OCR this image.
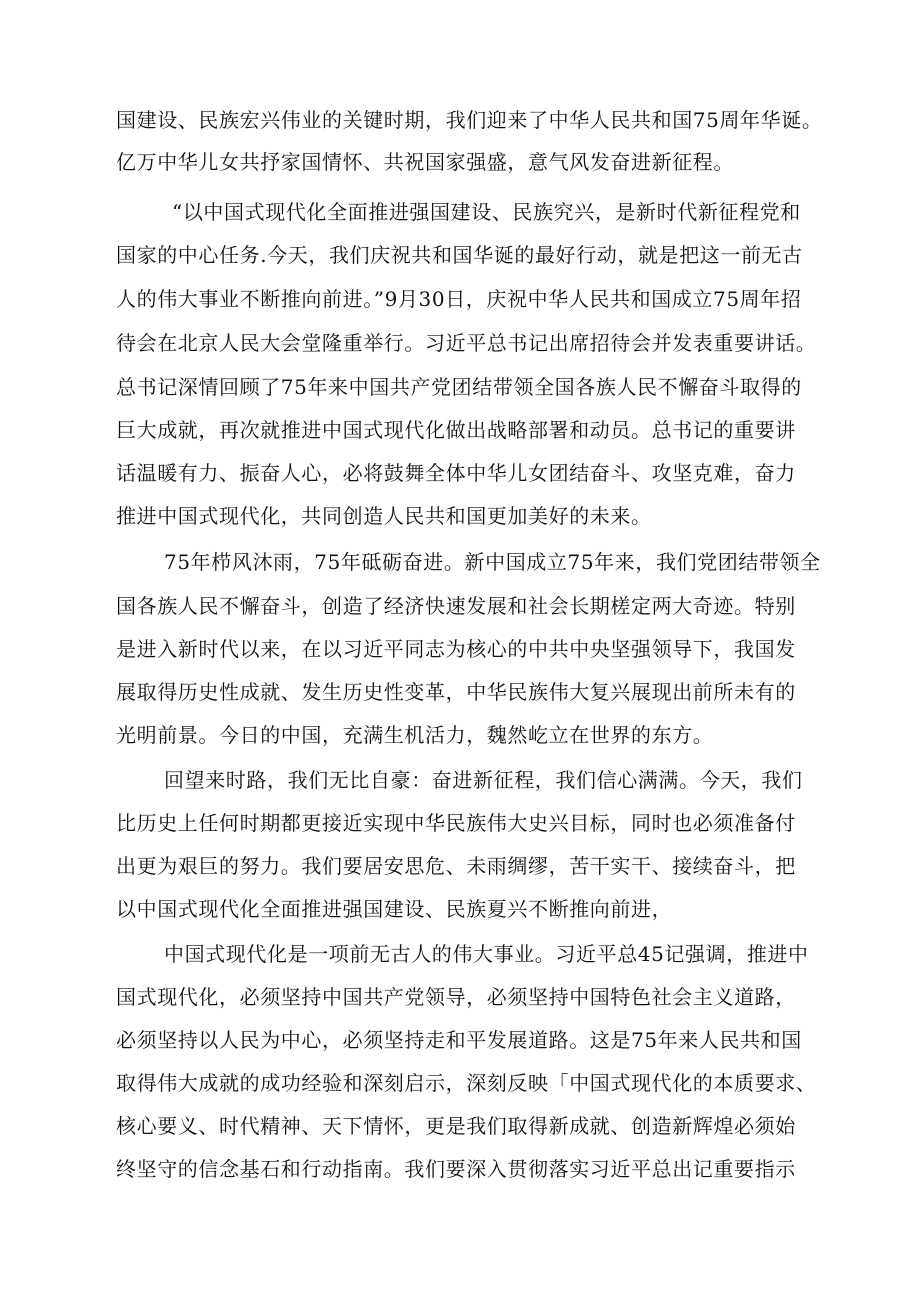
国建设、民族宏兴伟业的关键时期，我们迎来了中华人民共和国75周年华诞。
亿万中华儿女共抒家国情怀、共祝国家强盛，意气风发奋进新征程。
“以中国式现代化全面推进强国建设、民族究兴，是新时代新征程党和
国家的中心任务.今天，我们庆祝共和国华诞的最好行动，就是把这一前无古
人的伟大事业不断推向前进。”9月30日，庆祝中华人民共和国成立75周年招
待会在北京人民大会堂隆重举行。习近平总书记出席招待会并发表重要讲话。
总书记深情回顾了75年来中国共产党团结带领全国各族人民不懈奋斗取得的
巨大成就，再次就推进中国式现代化做出战略部署和动员。总书记的重要讲
话温暖有力、振奋人心，必将鼓舞全体中华儿女团结奋斗、攻坚克难，奋力
推进中国式现代化，共同创造人民共和国更加美好的未来。
75年栉风沐雨，75年砥砺奋进。新中国成立75年来，我们党团结带领全
国各族人民不懈奋斗，创造了经济快速发展和社会长期槎定两大奇迹。特别
是进入新时代以来，在以习近平同志为核心的中共中央坚强领导下，我国发
展取得历史性成就、发生历史性变革，中华民族伟大复兴展现出前所未有的
光明前景。今日的中国，充满生机活力，魏然屹立在世界的东方。
回望来时路，我们无比自豪：奋进新征程，我们信心满满。今天，我们
比历史上任何时期都更接近实现中华民族伟大史兴目标，同时也必须准备付
出更为艰巨的努力。我们要居安思危、未雨绸缪，苦干实干、接续奋斗，把
以中国式现代化全面推进强国建设、民族夏兴不断推向前进，
中国式现代化是一项前无古人的伟大事业。习近平总45记强调，推进中
国式现代化，必须坚持中国共产党领导，必须坚持中国特色社会主义道路，
必须坚持以人民为中心，必须坚持走和平发展道路。这是75年来人民共和国
取得伟大成就的成功经验和深刻启示，深刻反映「中国式现代化的本质要求、
核心要义、时代精神、天下情怀，更是我们取得新成就、创造新辉煌必须始
终坚守的信念基石和行动指南。我们要深入贯彻落实习近平总出记重要指示
